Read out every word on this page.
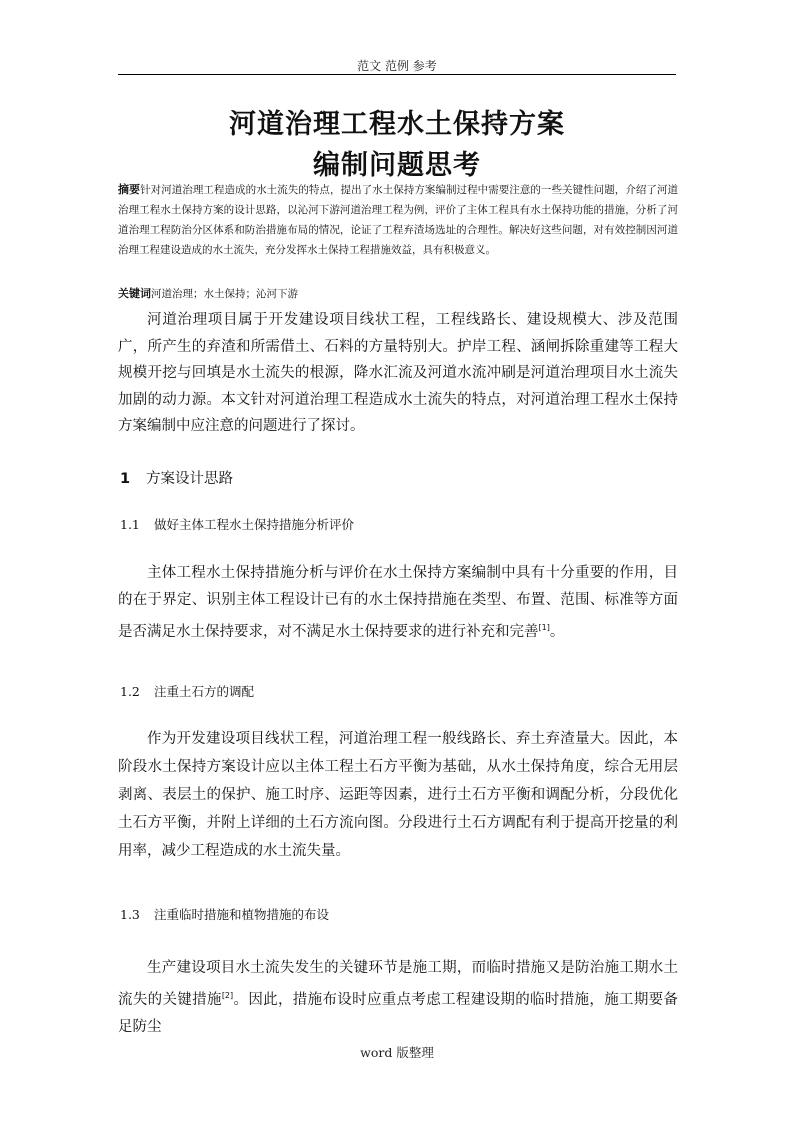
范文 范例 参考
河道治理工程水土保持方案
编制问题思考
摘要针对河道治理工程造成的水土流失的特点，提出了水土保持方案编制过程中需要注意的一些关键性问题，介绍了河道治理工程水土保持方案的设计思路，以沁河下游河道治理工程为例，评价了主体工程具有水土保持功能的措施，分析了河道治理工程防治分区体系和防治措施布局的情况，论证了工程弃渣场选址的合理性。解决好这些问题，对有效控制因河道治理工程建设造成的水土流失，充分发挥水土保持工程措施效益，具有积极意义。
关键词河道治理；水土保持；沁河下游

河道治理项目属于开发建设项目线状工程，工程线路长、建设规模大、涉及范围广，所产生的弃渣和所需借土、石料的方量特别大。护岸工程、涵闸拆除重建等工程大规模开挖与回填是水土流失的根源，降水汇流及河道水流冲刷是河道治理项目水土流失加剧的动力源。本文针对河道治理工程造成水土流失的特点，对河道治理工程水土保持方案编制中应注意的问题进行了探讨。

1 方案设计思路
1.1 做好主体工程水土保持措施分析评价

主体工程水土保持措施分析与评价在水土保持方案编制中具有十分重要的作用，目的在于界定、识别主体工程设计已有的水土保持措施在类型、布置、范围、标准等方面是否满足水土保持要求，对不满足水土保持要求的进行补充和完善[1]。

1.2 注重土石方的调配

作为开发建设项目线状工程，河道治理工程一般线路长、弃土弃渣量大。因此，本阶段水土保持方案设计应以主体工程土石方平衡为基础，从水土保持角度，综合无用层剥离、表层土的保护、施工时序、运距等因素，进行土石方平衡和调配分析，分段优化土石方平衡，并附上详细的土石方流向图。分段进行土石方调配有利于提高开挖量的利用率，减少工程造成的水土流失量。

1.3 注重临时措施和植物措施的布设

生产建设项目水土流失发生的关键环节是施工期，而临时措施又是防治施工期水土流失的关键措施[2]。因此，措施布设时应重点考虑工程建设期的临时措施，施工期要备足防尘

word 版整理
